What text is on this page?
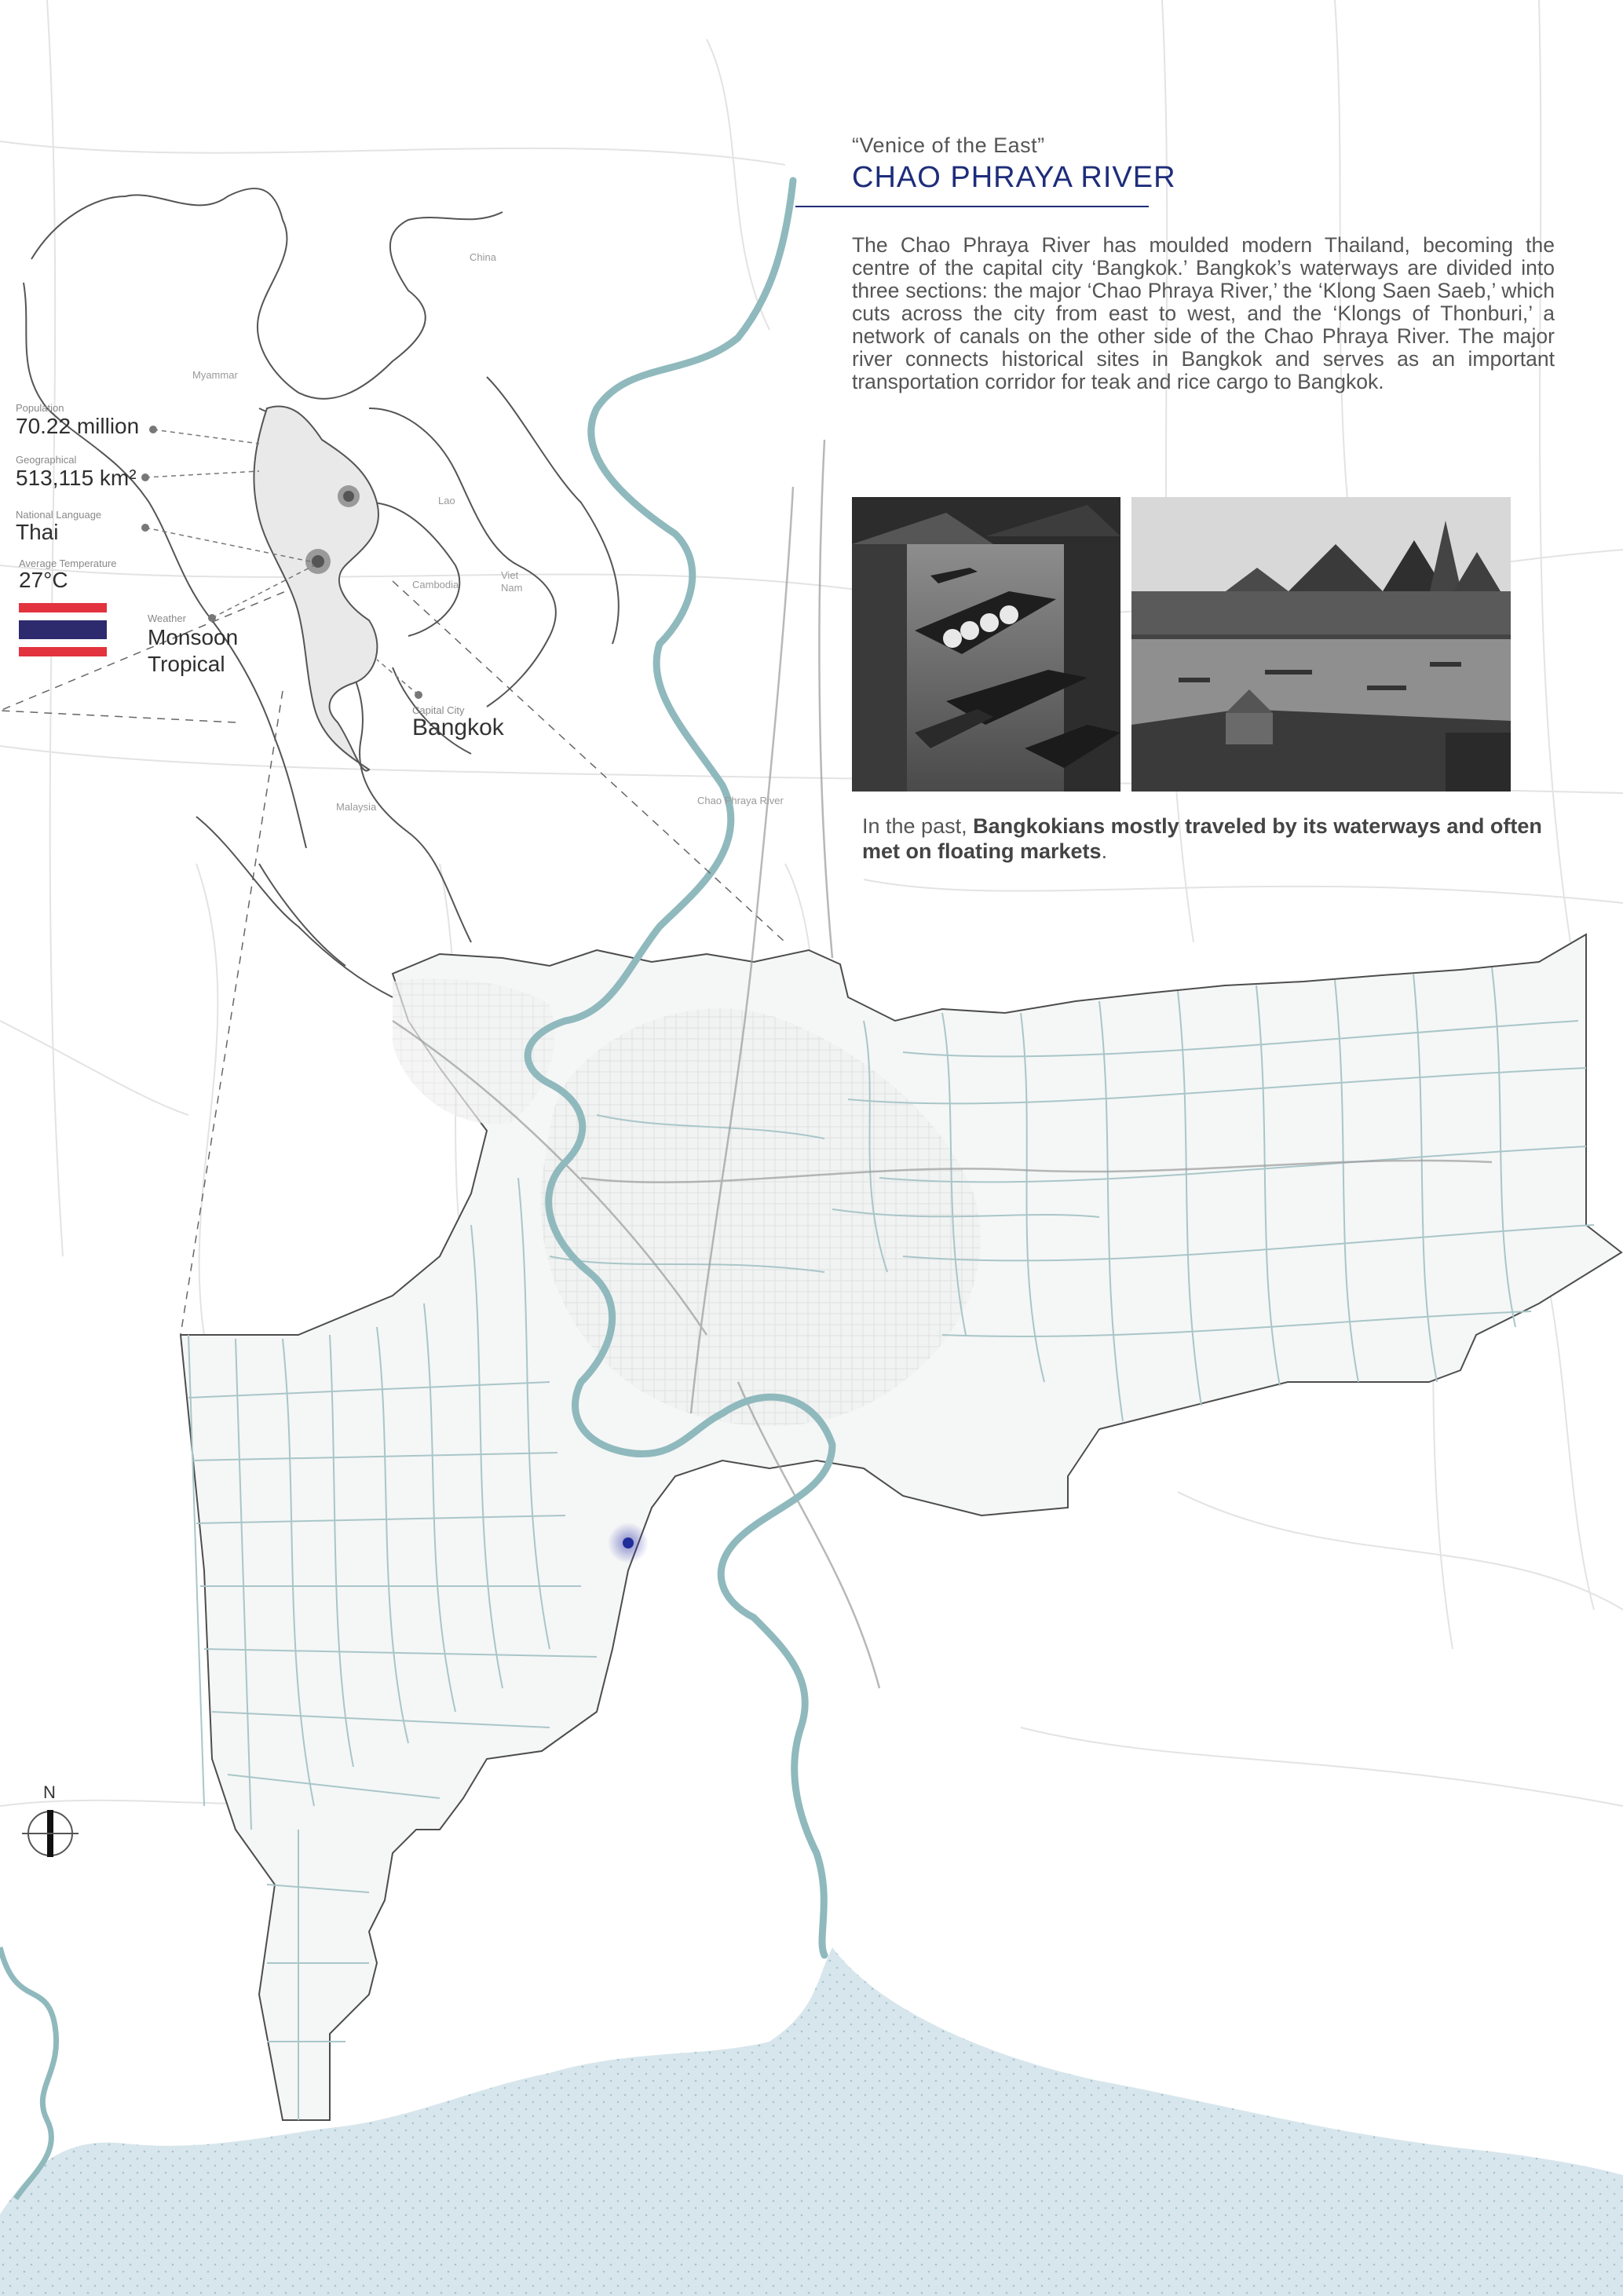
Population
70.22 million
Geographical
513,115 km²
National Language
Thai
Average Temperature
27°C
Weather
Monsoon
Tropical
Capital City
Bangkok
China
Myammar
Lao
Viet Nam
Cambodia
Malaysia
Chao Phraya River
N
“Venice of the East”
CHAO PHRAYA RIVER
The Chao Phraya River has moulded modern Thailand, becoming the centre of the capital city ‘Bangkok.’ Bangkok’s waterways are divided into three sections: the major ‘Chao Phraya River,’ the ‘Klong Saen Saeb,’ which cuts across the city from east to west, and the ‘Klongs of Thonburi,’ a network of canals on the other side of the Chao Phraya River. The major river connects historical sites in Bangkok and serves as an important transportation corridor for teak and rice cargo to Bangkok.
In the past, Bangkokians mostly traveled by its waterways and often met on floating markets.
